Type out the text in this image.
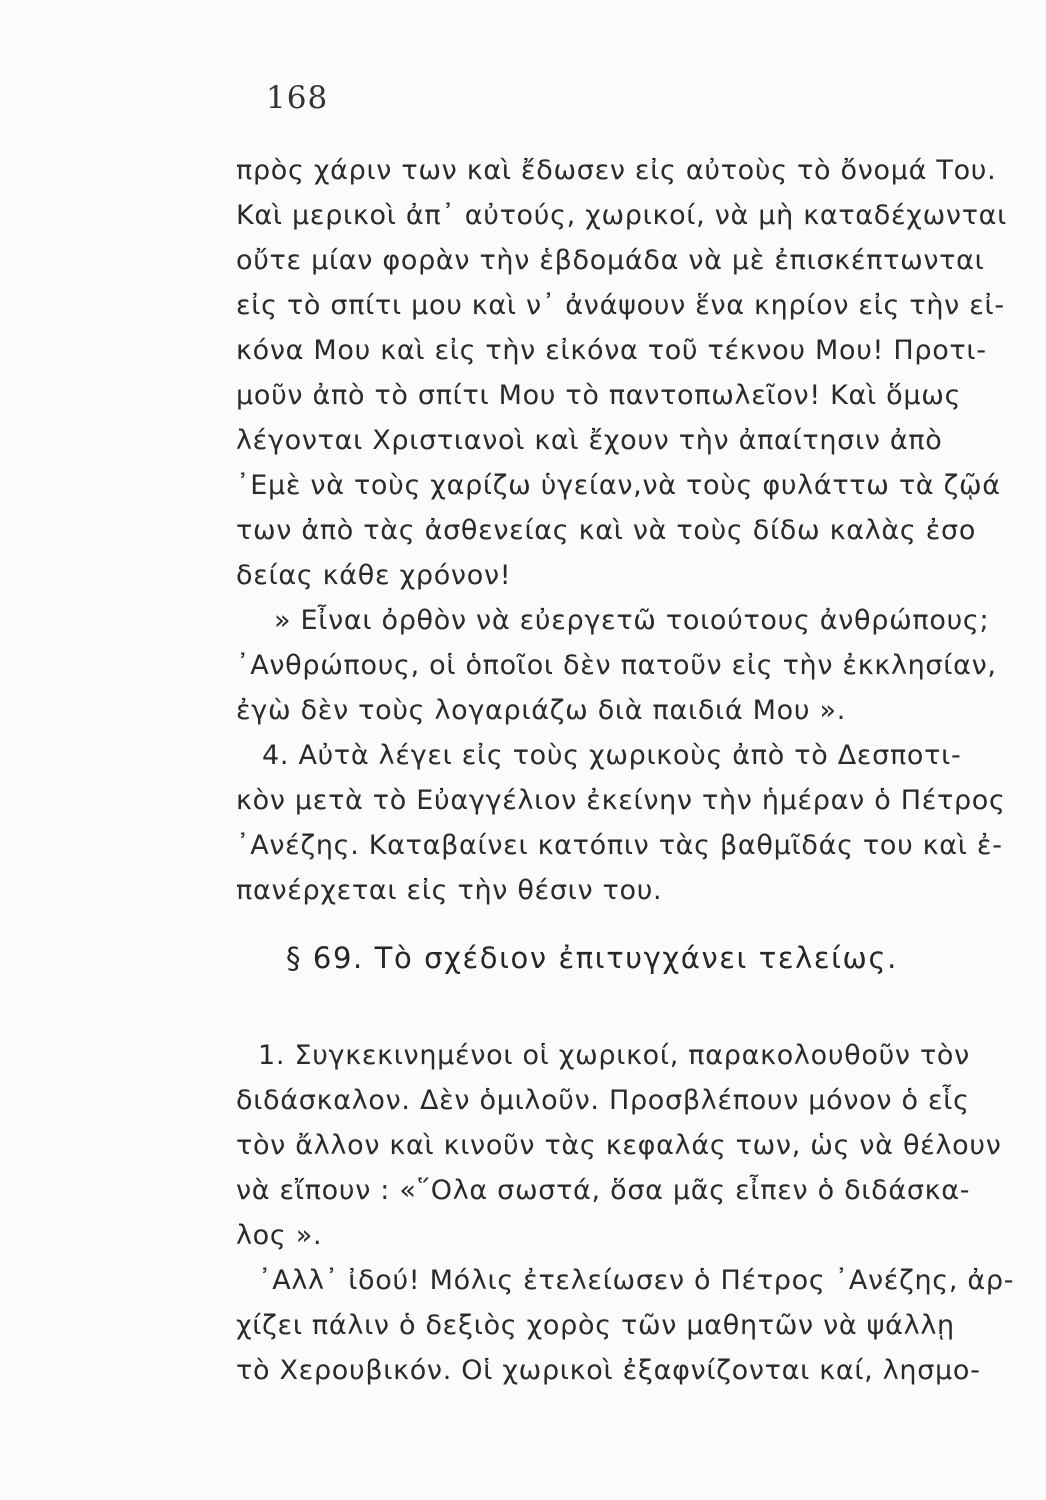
168
πρὸς χάριν των καὶ ἔδωσεν εἰς αὐτοὺς τὸ ὄνομά Του.
Καὶ μερικοὶ ἀπ᾽ αὐτούς, χωρικοί, νὰ μὴ καταδέχωνται
οὔτε μίαν φορὰν τὴν ἑβδομάδα νὰ μὲ ἐπισκέπτωνται
εἰς τὸ σπίτι μου καὶ ν᾽ ἀνάψουν ἕνα κηρίον εἰς τὴν εἰ-
κόνα Μου καὶ εἰς τὴν εἰκόνα τοῦ τέκνου Μου! Προτι-
μοῦν ἀπὸ τὸ σπίτι Μου τὸ παντοπωλεῖον! Καὶ ὅμως
λέγονται Χριστιανοὶ καὶ ἔχουν τὴν ἀπαίτησιν ἀπὸ
᾽Εμὲ νὰ τοὺς χαρίζω ὑγείαν,νὰ τοὺς φυλάττω τὰ ζῷά
των ἀπὸ τὰς ἀσθενείας καὶ νὰ τοὺς δίδω καλὰς ἐσο
δείας κάθε χρόνον!
» Εἶναι ὀρθὸν νὰ εὐεργετῶ τοιούτους ἀνθρώπους;
᾽Ανθρώπους, οἱ ὁποῖοι δὲν πατοῦν εἰς τὴν ἐκκλησίαν,
ἐγὼ δὲν τοὺς λογαριάζω διὰ παιδιά Μου ».
4. Αὐτὰ λέγει εἰς τοὺς χωρικοὺς ἀπὸ τὸ Δεσποτι-
κὸν μετὰ τὸ Εὐαγγέλιον ἐκείνην τὴν ἡμέραν ὁ Πέτρος
᾽Ανέζης. Καταβαίνει κατόπιν τὰς βαθμῖδάς του καὶ ἐ-
πανέρχεται εἰς τὴν θέσιν του.
§ 69. Τὸ σχέδιον ἐπιτυγχάνει τελείως.
1. Συγκεκινημένοι οἱ χωρικοί, παρακολουθοῦν τὸν
διδάσκαλον. Δὲν ὁμιλοῦν. Προσβλέπουν μόνον ὁ εἷς
τὸν ἄλλον καὶ κινοῦν τὰς κεφαλάς των, ὡς νὰ θέλουν
νὰ εἴπουν : «῞Ολα σωστά, ὅσα μᾶς εἶπεν ὁ διδάσκα-
λος ».
᾽Αλλ᾽ ἰδού! Μόλις ἐτελείωσεν ὁ Πέτρος ᾽Ανέζης, ἀρ-
χίζει πάλιν ὁ δεξιὸς χορὸς τῶν μαθητῶν νὰ ψάλλῃ
τὸ Χερουβικόν. Οἱ χωρικοὶ ἐξαφνίζονται καί, λησμο-
